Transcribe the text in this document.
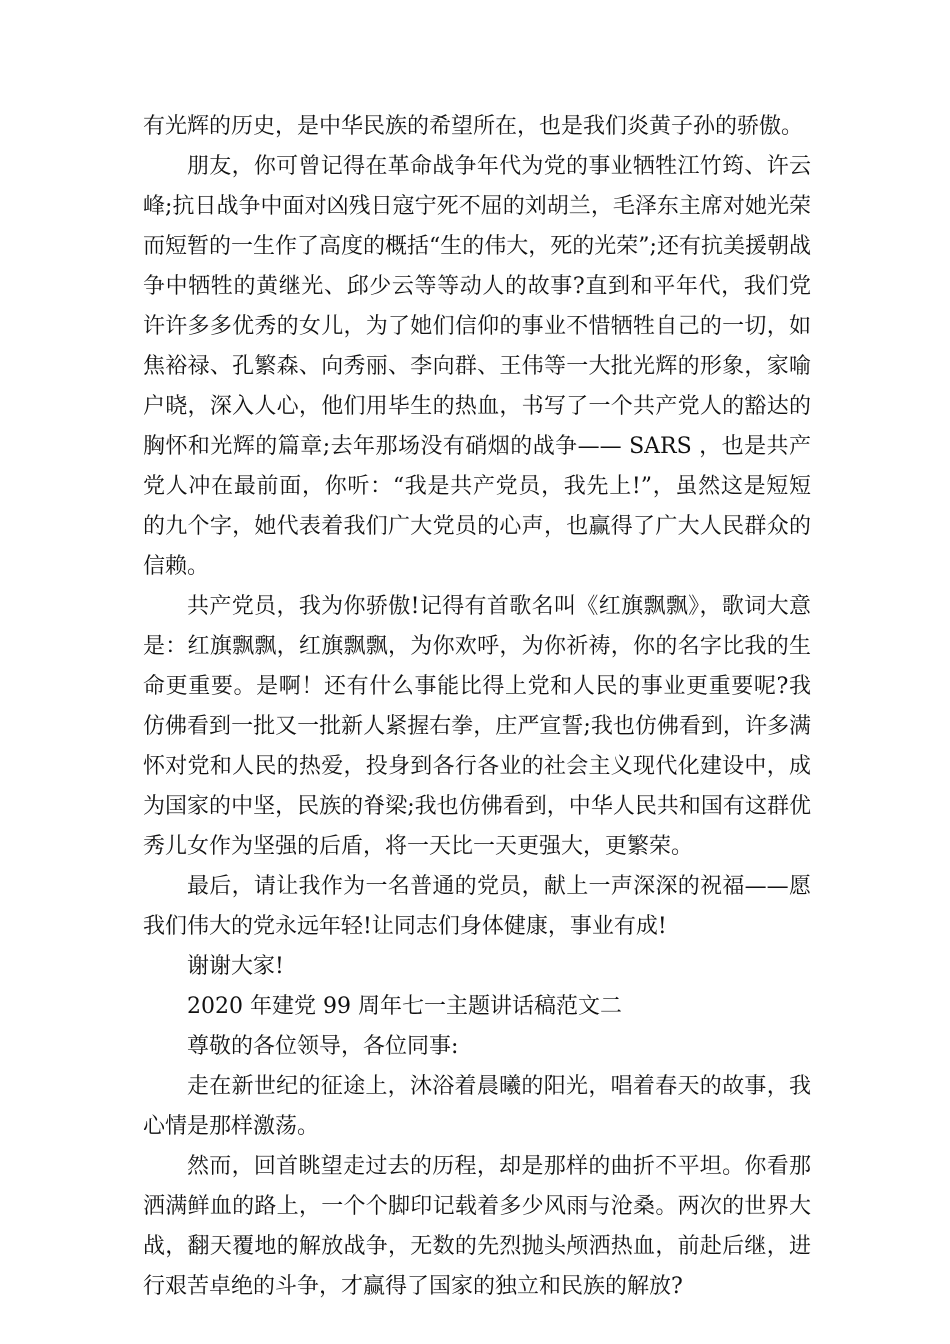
有光辉的历史，是中华民族的希望所在，也是我们炎黄子孙的骄傲。

朋友，你可曾记得在革命战争年代为党的事业牺牲江竹筠、许云峰;抗日战争中面对凶残日寇宁死不屈的刘胡兰，毛泽东主席对她光荣而短暂的一生作了高度的概括“生的伟大，死的光荣”;还有抗美援朝战争中牺牲的黄继光、邱少云等等动人的故事?直到和平年代，我们党许许多多优秀的女儿，为了她们信仰的事业不惜牺牲自己的一切，如焦裕禄、孔繁森、向秀丽、李向群、王伟等一大批光辉的形象，家喻户晓，深入人心，他们用毕生的热血，书写了一个共产党人的豁达的胸怀和光辉的篇章;去年那场没有硝烟的战争—— SARS ，也是共产党人冲在最前面，你听：“我是共产党员，我先上!”，虽然这是短短的九个字，她代表着我们广大党员的心声，也赢得了广大人民群众的信赖。

共产党员，我为你骄傲!记得有首歌名叫《红旗飘飘》，歌词大意是：红旗飘飘，红旗飘飘，为你欢呼，为你祈祷，你的名字比我的生命更重要。是啊！还有什么事能比得上党和人民的事业更重要呢?我仿佛看到一批又一批新人紧握右拳，庄严宣誓;我也仿佛看到，许多满怀对党和人民的热爱，投身到各行各业的社会主义现代化建设中，成为国家的中坚，民族的脊梁;我也仿佛看到，中华人民共和国有这群优秀儿女作为坚强的后盾，将一天比一天更强大，更繁荣。

最后，请让我作为一名普通的党员，献上一声深深的祝福——愿我们伟大的党永远年轻!让同志们身体健康，事业有成!

谢谢大家!

2020 年建党 99 周年七一主题讲话稿范文二

尊敬的各位领导，各位同事:

走在新世纪的征途上，沐浴着晨曦的阳光，唱着春天的故事，我心情是那样激荡。

然而，回首眺望走过去的历程，却是那样的曲折不平坦。你看那洒满鲜血的路上，一个个脚印记载着多少风雨与沧桑。两次的世界大战，翻天覆地的解放战争，无数的先烈抛头颅洒热血，前赴后继，进行艰苦卓绝的斗争，才赢得了国家的独立和民族的解放?
